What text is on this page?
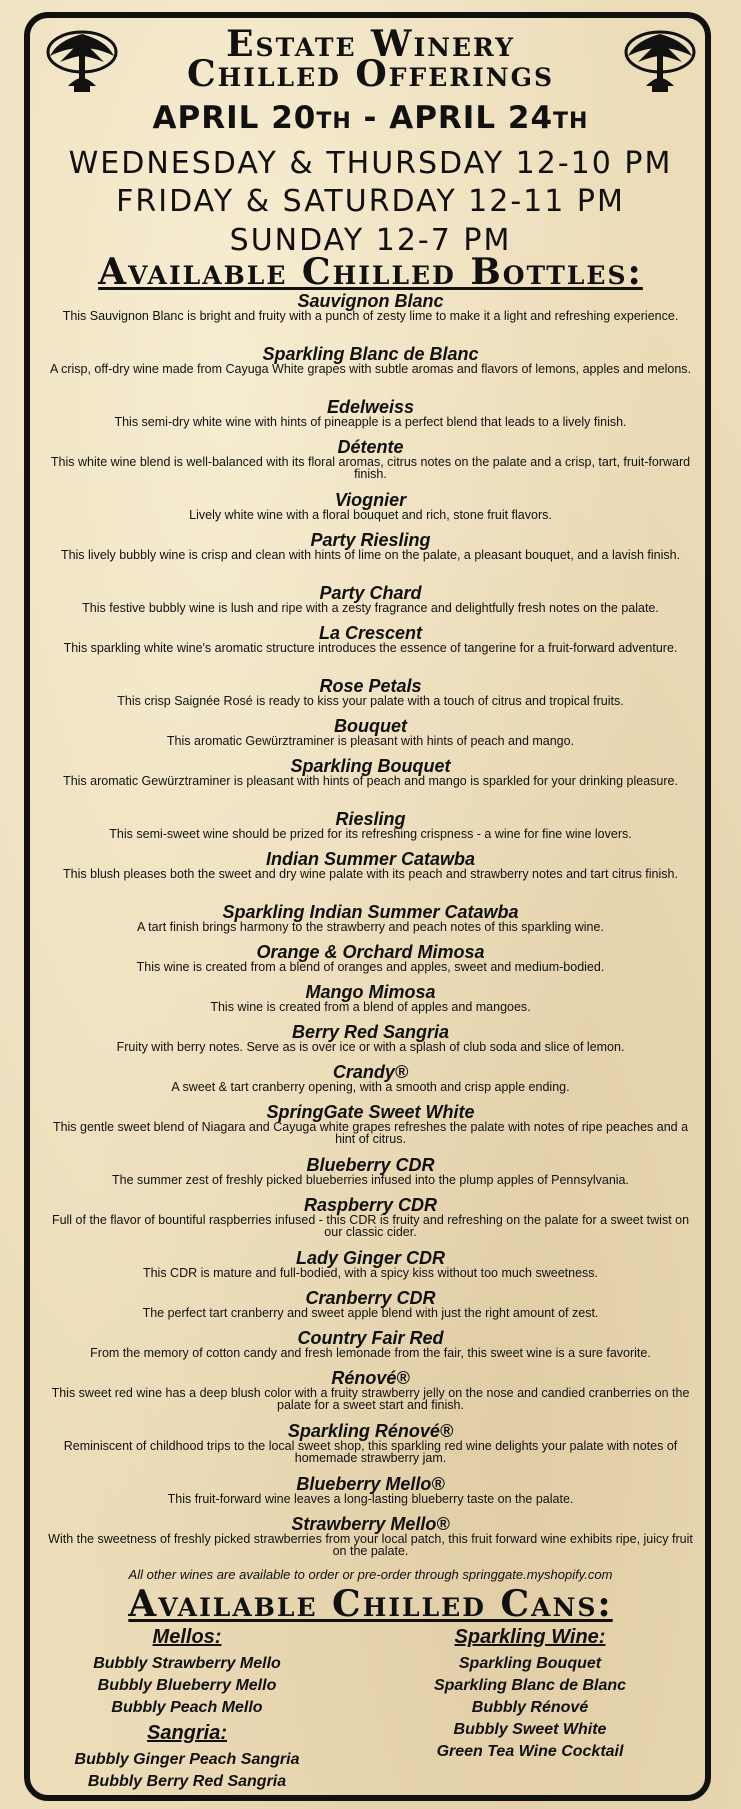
Estate Winery
Chilled Offerings
APRIL 20th - APRIL 24th
WEDNESDAY & THURSDAY 12-10 PM
FRIDAY & SATURDAY 12-11 PM
SUNDAY 12-7 PM
Available Chilled Bottles:
Sauvignon Blanc
This Sauvignon Blanc is bright and fruity with a punch of zesty lime to make it a light and refreshing experience.
Sparkling Blanc de Blanc
A crisp, off-dry wine made from Cayuga White grapes with subtle aromas and flavors of lemons, apples and melons.
Edelweiss
This semi-dry white wine with hints of pineapple is a perfect blend that leads to a lively finish.
Détente
This white wine blend is well-balanced with its floral aromas, citrus notes on the palate and a crisp, tart, fruit-forward finish.
Viognier
Lively white wine with a floral bouquet and rich, stone fruit flavors.
Party Riesling
This lively bubbly wine is crisp and clean with hints of lime on the palate, a pleasant bouquet, and a lavish finish.
Party Chard
This festive bubbly wine is lush and ripe with a zesty fragrance and delightfully fresh notes on the palate.
La Crescent
This sparkling white wine's aromatic structure introduces the essence of tangerine for a fruit-forward adventure.
Rose Petals
This crisp Saignée Rosé is ready to kiss your palate with a touch of citrus and tropical fruits.
Bouquet
This aromatic Gewürztraminer is pleasant with hints of peach and mango.
Sparkling Bouquet
This aromatic Gewürztraminer is pleasant with hints of peach and mango is sparkled for your drinking pleasure.
Riesling
This semi-sweet wine should be prized for its refreshing crispness - a wine for fine wine lovers.
Indian Summer Catawba
This blush pleases both the sweet and dry wine palate with its peach and strawberry notes and tart citrus finish.
Sparkling Indian Summer Catawba
A tart finish brings harmony to the strawberry and peach notes of this sparkling wine.
Orange & Orchard Mimosa
This wine is created from a blend of oranges and apples, sweet and medium-bodied.
Mango Mimosa
This wine is created from a blend of apples and mangoes.
Berry Red Sangria
Fruity with berry notes. Serve as is over ice or with a splash of club soda and slice of lemon.
Crandy®
A sweet & tart cranberry opening, with a smooth and crisp apple ending.
SpringGate Sweet White
This gentle sweet blend of Niagara and Cayuga white grapes refreshes the palate with notes of ripe peaches and a hint of citrus.
Blueberry CDR
The summer zest of freshly picked blueberries infused into the plump apples of Pennsylvania.
Raspberry CDR
Full of the flavor of bountiful raspberries infused - this CDR is fruity and refreshing on the palate for a sweet twist on our classic cider.
Lady Ginger CDR
This CDR is mature and full-bodied, with a spicy kiss without too much sweetness.
Cranberry CDR
The perfect tart cranberry and sweet apple blend with just the right amount of zest.
Country Fair Red
From the memory of cotton candy and fresh lemonade from the fair, this sweet wine is a sure favorite.
Rénové®
This sweet red wine has a deep blush color with a fruity strawberry jelly on the nose and candied cranberries on the palate for a sweet start and finish.
Sparkling Rénové®
Reminiscent of childhood trips to the local sweet shop, this sparkling red wine delights your palate with notes of homemade strawberry jam.
Blueberry Mello®
This fruit-forward wine leaves a long-lasting blueberry taste on the palate.
Strawberry Mello®
With the sweetness of freshly picked strawberries from your local patch, this fruit forward wine exhibits ripe, juicy fruit on the palate.
All other wines are available to order or pre-order through springgate.myshopify.com
Available Chilled Cans:
Mellos:
Bubbly Strawberry Mello
Bubbly Blueberry Mello
Bubbly Peach Mello
Sangria:
Bubbly Ginger Peach Sangria
Bubbly Berry Red Sangria
Sparkling Wine:
Sparkling Bouquet
Sparkling Blanc de Blanc
Bubbly Rénové
Bubbly Sweet White
Green Tea Wine Cocktail
